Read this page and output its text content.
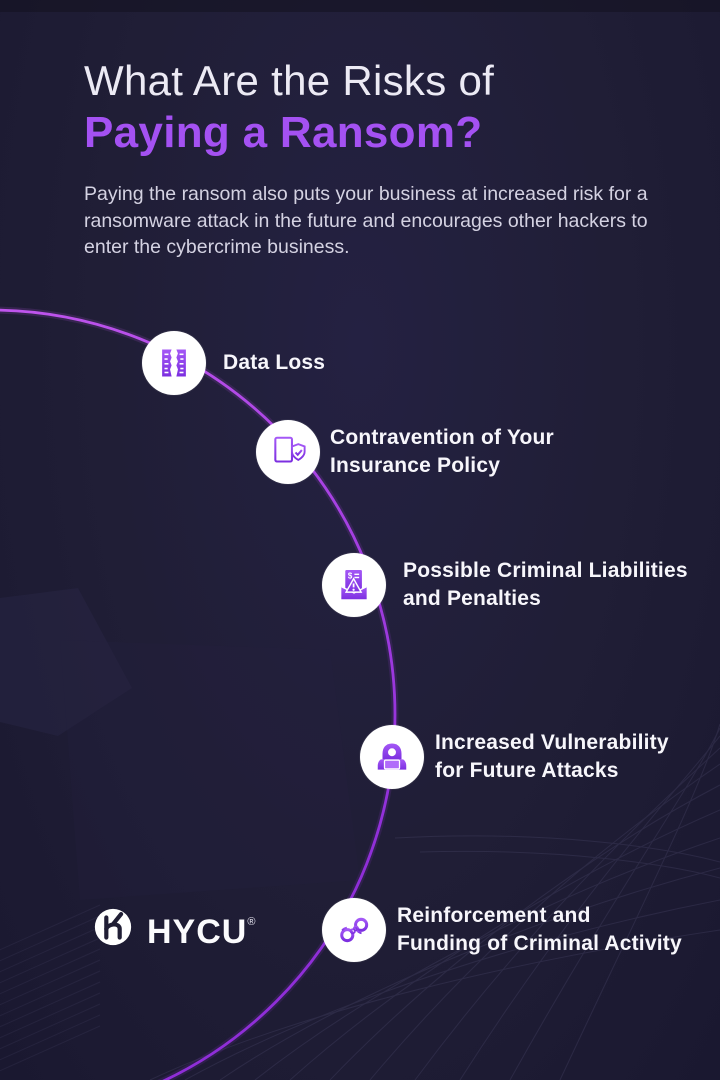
What Are the Risks of
Paying a Ransom?
Paying the ransom also puts your business at increased risk for a ransomware attack in the future and encourages other hackers to enter the cybercrime business.
Data Loss
Contravention of Your
Insurance Policy
$ Possible Criminal Liabilities
and Penalties
Increased Vulnerability
for Future Attacks
Reinforcement and
Funding of Criminal Activity
HYCU®
